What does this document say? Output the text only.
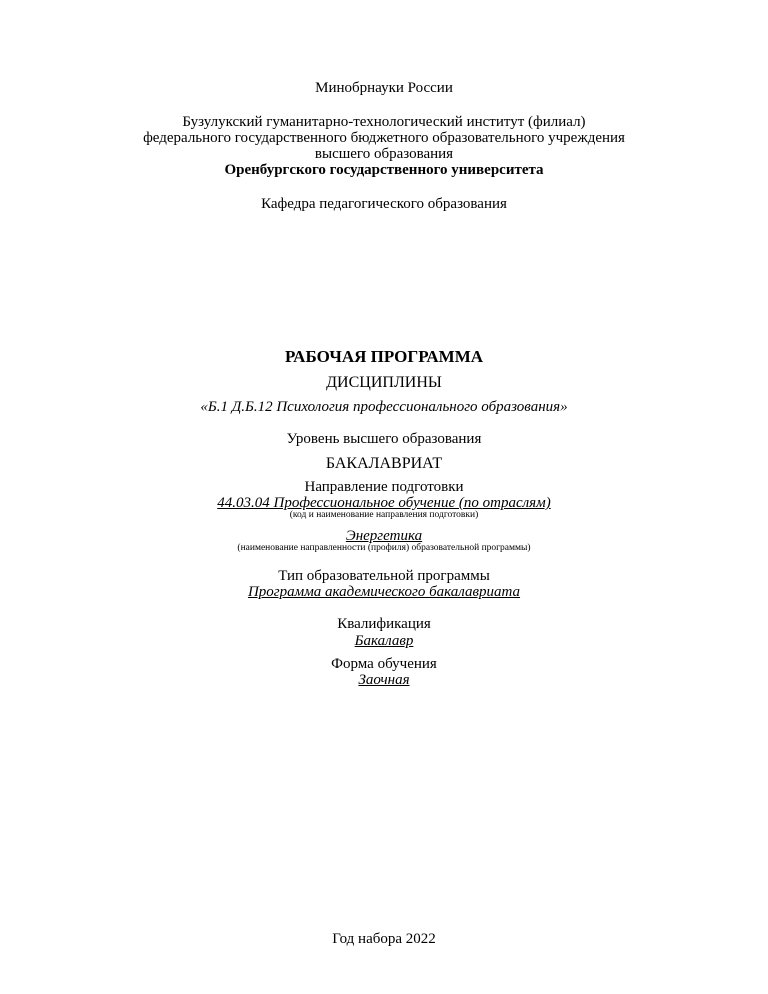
Минобрнауки России
Бузулукский гуманитарно-технологический институт (филиал)
федерального государственного бюджетного образовательного учреждения
высшего образования
Оренбургского государственного университета
Кафедра педагогического образования
РАБОЧАЯ ПРОГРАММА
ДИСЦИПЛИНЫ
«Б.1 Д.Б.12 Психология профессионального образования»
Уровень высшего образования
БАКАЛАВРИАТ
Направление подготовки
44.03.04 Профессиональное обучение (по отраслям)
(код и наименование направления подготовки)
Энергетика
(наименование направленности (профиля) образовательной программы)
Тип образовательной программы
Программа академического бакалавриата
Квалификация
Бакалавр
Форма обучения
Заочная
Год набора 2022
